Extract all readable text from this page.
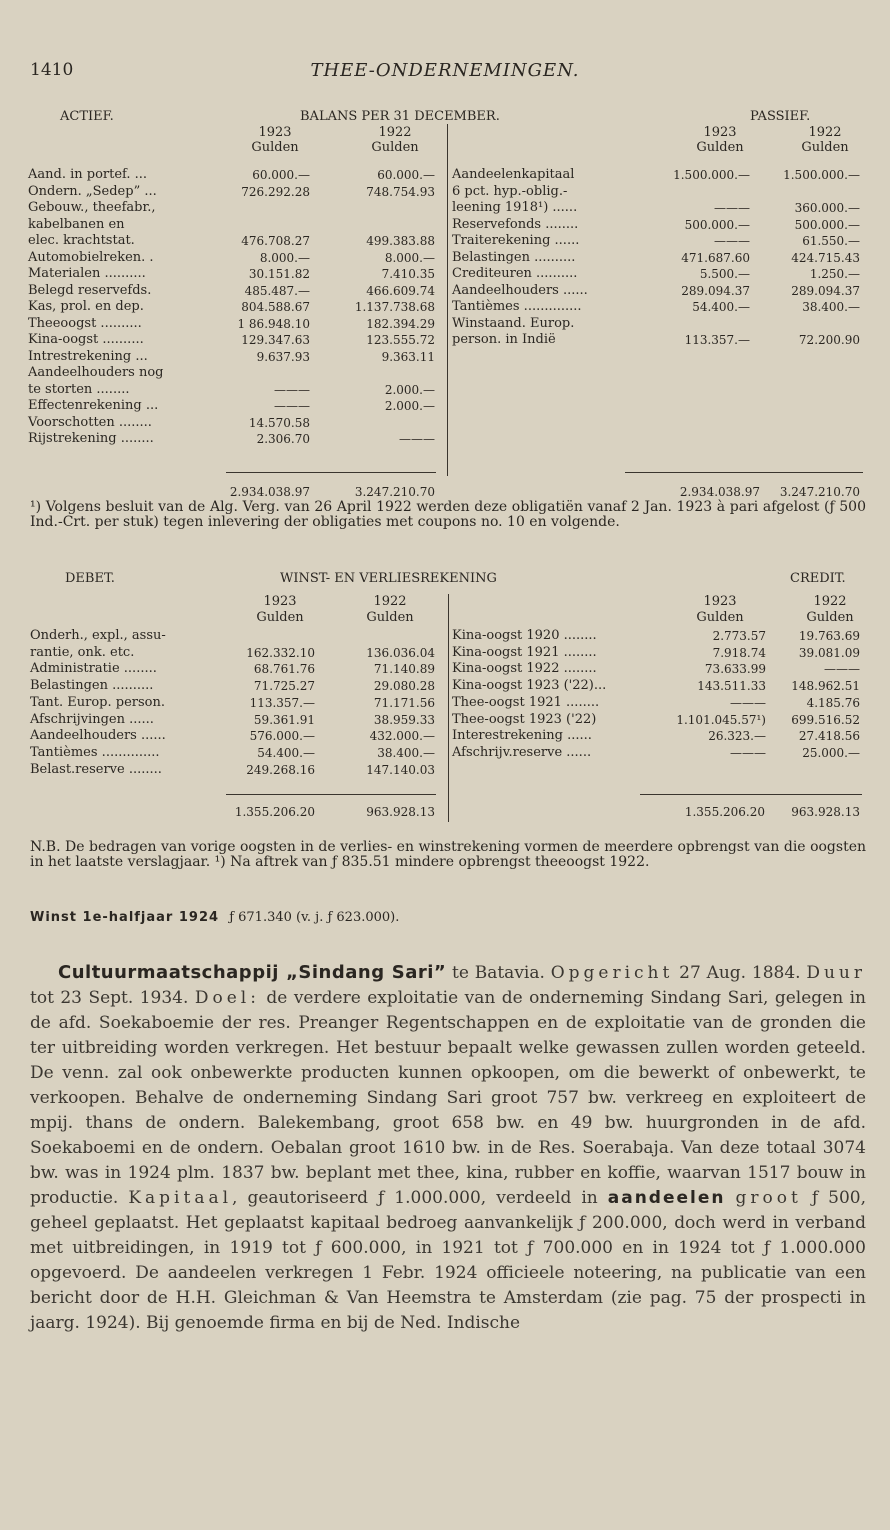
1410	THEE-ONDERNEMINGEN.
ACTIEF.	BALANS PER 31 DECEMBER.	PASSIEF.
1923	1922
Gulden	Gulden
1923	1922
Gulden	Gulden
Aand. in portef. ...	60.000.—	60.000.—
Ondern. „Sedep” ...	726.292.28	748.754.93
Gebouw., theefabr.,
kabelbanen en
elec. krachtstat.	476.708.27	499.383.88
Automobielreken. .	8.000.—	8.000.—
Materialen ..........	30.151.82	7.410.35
Belegd reservefds.	485.487.—	466.609.74
Kas, prol. en dep.	804.588.67	1.137.738.68
Theeoogst ..........	1 86.948.10	182.394.29
Kina-oogst ..........	129.347.63	123.555.72
Intrestrekening ...	9.637.93	9.363.11
Aandeelhouders nog
te storten ........	———	2.000.—
Effectenrekening ...	———	2.000.—
Voorschotten ........	14.570.58
Rijstrekening ........	2.306.70	———
Aandeelenkapitaal	1.500.000.—	1.500.000.—
6 pct. hyp.-oblig.-
leening 1918¹) ......	———	360.000.—
Reservefonds ........	500.000.—	500.000.—
Traiterekening ......	———	61.550.—
Belastingen ..........	471.687.60	424.715.43
Crediteuren ..........	5.500.—	1.250.—
Aandeelhouders ......	289.094.37	289.094.37
Tantièmes ..............	54.400.—	38.400.—
Winstaand. Europ.
person. in Indië	113.357.—	72.200.90
2.934.038.97	3.247.210.70	2.934.038.97	3.247.210.70
¹) Volgens besluit van de Alg. Verg. van 26 April 1922 werden deze obligatiën vanaf 2 Jan. 1923 à pari afgelost (ƒ 500 Ind.-Crt. per stuk) tegen inlevering der obligaties met coupons no. 10 en volgende.
DEBET.	WINST- EN VERLIESREKENING	CREDIT.
1923	1922
Gulden	Gulden
1923	1922
Gulden	Gulden
Onderh., expl., assu-
rantie, onk. etc.	162.332.10	136.036.04
Administratie ........	68.761.76	71.140.89
Belastingen ..........	71.725.27	29.080.28
Tant. Europ. person.	113.357.—	71.171.56
Afschrijvingen ......	59.361.91	38.959.33
Aandeelhouders ......	576.000.—	432.000.—
Tantièmes ..............	54.400.—	38.400.—
Belast.reserve ........	249.268.16	147.140.03
Kina-oogst 1920 ........	2.773.57	19.763.69
Kina-oogst 1921 ........	7.918.74	39.081.09
Kina-oogst 1922 ........	73.633.99	———
Kina-oogst 1923 ('22)...	143.511.33	148.962.51
Thee-oogst 1921 ........	———	4.185.76
Thee-oogst 1923 ('22)	1.101.045.57¹)	699.516.52
Interestrekening ......	26.323.—	27.418.56
Afschrijv.reserve ......	———	25.000.—
1.355.206.20	963.928.13	1.355.206.20	963.928.13
N.B. De bedragen van vorige oogsten in de verlies- en winstrekening vormen de meerdere opbrengst van die oogsten in het laatste verslagjaar. ¹) Na aftrek van ƒ 835.51 mindere opbrengst theeoogst 1922.
Winst 1e-halfjaar 1924 ƒ 671.340 (v. j. ƒ 623.000).
Cultuurmaatschappij „Sindang Sari” te Batavia. Opgericht 27 Aug. 1884. Duur tot 23 Sept. 1934. Doel: de verdere exploitatie van de onderneming Sindang Sari, gelegen in de afd. Soekaboemie der res. Preanger Regentschappen en de exploitatie van de gronden die ter uitbreiding worden verkregen. Het bestuur bepaalt welke gewassen zullen worden geteeld. De venn. zal ook onbewerkte producten kunnen opkoopen, om die bewerkt of onbewerkt, te verkoopen. Behalve de onderneming Sindang Sari groot 757 bw. verkreeg en exploiteert de mpij. thans de ondern. Balekembang, groot 658 bw. en 49 bw. huurgronden in de afd. Soekaboemi en de ondern. Oebalan groot 1610 bw. in de Res. Soerabaja. Van deze totaal 3074 bw. was in 1924 plm. 1837 bw. beplant met thee, kina, rubber en koffie, waarvan 1517 bouw in productie. Kapitaal, geautoriseerd ƒ 1.000.000, verdeeld in aandeelen groot ƒ 500, geheel geplaatst. Het geplaatst kapitaal bedroeg aanvankelijk ƒ 200.000, doch werd in verband met uitbreidingen, in 1919 tot ƒ 600.000, in 1921 tot ƒ 700.000 en in 1924 tot ƒ 1.000.000 opgevoerd. De aandeelen verkregen 1 Febr. 1924 officieele noteering, na publicatie van een bericht door de H.H. Gleichman & Van Heemstra te Amsterdam (zie pag. 75 der prospecti in jaarg. 1924). Bij genoemde firma en bij de Ned. Indische
